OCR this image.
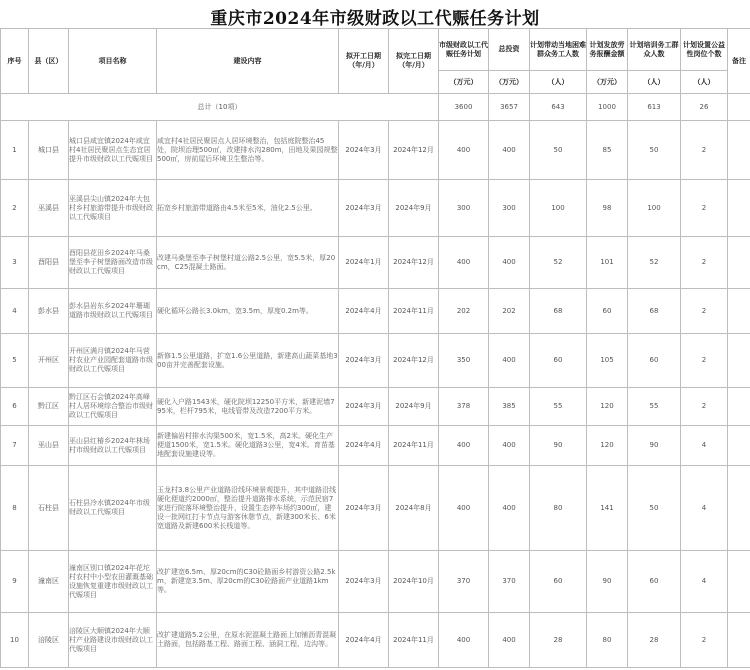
重庆市2024年市级财政以工代赈任务计划
序号	县（区）	项目名称	建设内容	拟开工日期（年/月）	拟完工日期（年/月）	市级财政以工代赈任务计划	总投资	计划带动当地困难群众务工人数	计划发放劳务报酬金额	计划培训务工群众人数	计划设置公益性岗位个数	备注
						（万元）	（万元）	（人）	（万元）	（人）	（人）	
总计（10项）						3600	3657	643	1000	613	26	
1	城口县	城口县咸宜镇2024年咸宜村4社居民聚居点生态宜居提升市级财政以工代赈项目	咸宜村4社居民聚居点人居环境整治，包括庭院整治45处，院坝治理500㎡，改建排水沟280m，田地及果园规整500㎡，房前屋后环境卫生整治等。	2024年3月	2024年12月	400	400	50	85	50	2	
2	巫溪县	巫溪县尖山镇2024年大包村乡村旅游带提升市级财政以工代赈项目	拓宽乡村旅游带道路由4.5米至5米，油化2.5公里。	2024年3月	2024年9月	300	300	100	98	100	2	
3	酉阳县	酉阳县花田乡2024年马桑堡至李子树堡路面改造市级财政以工代赈项目	改建马桑堡至李子树堡村道公路2.5公里，宽5.5米，厚20cm，C25混凝土路面。	2024年1月	2024年12月	400	400	52	101	52	2	
4	彭水县	彭水县岩东乡2024年珊瑚道路市级财政以工代赈项目	硬化循环公路长3.0km，宽3.5m，厚度0.2m等。	2024年4月	2024年11月	202	202	68	60	68	2	
5	开州区	开州区满月镇2024年马营村农业产业园配套道路市级财政以工代赈项目	新修1.5公里道路，扩宽1.6公里道路，新建高山蔬菜基地300亩并完善配套设施。	2024年3月	2024年12月	350	400	60	105	60	2	
6	黔江区	黔江区石会镇2024年高峰村人居环境综合整治市级财政以工代赈项目	硬化入户路1543米，硬化院坝12250平方米，新建泥墙795米，栏杆795米，电线管带及改造7200平方米。	2024年3月	2024年9月	378	385	55	120	55	2	
7	巫山县	巫山县红椿乡2024年林场村市级财政以工代赈项目	新建偏岩村排水沟渠500米，宽1.5米，高2米。硬化生产便道1500米，宽1.5米。硬化道路3公里，宽4米。育苗基地配套设施建设等。	2024年4月	2024年11月	400	400	90	120	90	4	
8	石柱县	石柱县冷水镇2024年市级财政以工代赈项目	玉龙村3.8公里产业道路沿线环境景观提升，其中道路沿线硬化便道约2000㎡，整治提升道路排水系统，示范民宿7家进行院落环境整治提升，设置生态停车场约300㎡，建设一批网红打卡节点与游客休憩节点，新建300米长、6米宽道路及新建600米长栈道等。	2024年3月	2024年8月	400	400	80	141	50	4	
9	潼南区	潼南区别口镇2024年花坨村农村中小型农田灌溉基础设施恢复重建市级财政以工代赈项目	改扩建宽6.5m、厚20cm的C30砼路面乡村游资公路2.5km，新建宽3.5m、厚20cm的C30砼路面产业道路1km等。	2024年3月	2024年10月	370	370	60	90	60	4	
10	涪陵区	涪陵区大顺镇2024年大顺村产业路建设市级财政以工代赈项目	改扩建道路5.2公里，在原水泥混凝土路面上加铺沥青混凝土路面，包括路基工程、路面工程、涵洞工程、边沟等。	2024年4月	2024年11月	400	400	28	80	28	2	
